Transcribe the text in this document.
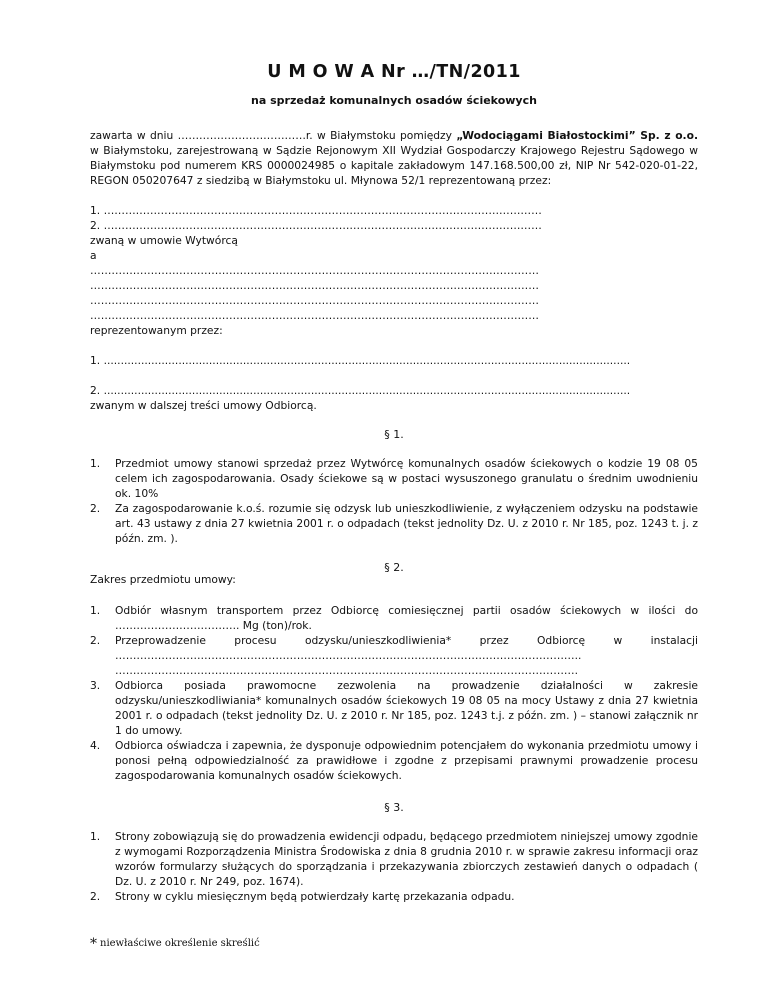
U M O W A Nr …/TN/2011

na sprzedaż komunalnych osadów ściekowych

zawarta w dniu ………………………………r. w Białymstoku pomiędzy „Wodociągami Białostockimi” Sp. z o.o. w Białymstoku, zarejestrowaną w Sądzie Rejonowym XII Wydział Gospodarczy Krajowego Rejestru Sądowego w Białymstoku pod numerem KRS 0000024985 o kapitale zakładowym 147.168.500,00 zł, NIP Nr 542-020-01-22, REGON 050207647 z siedzibą w Białymstoku ul. Młynowa 52/1 reprezentowaną przez:

1. ……………………………………………………………………………………………………………

2. ……………………………………………………………………………………………………………

zwaną w umowie Wytwórcą

a

………………………………………………………………………………………………………………

………………………………………………………………………………………………………………

………………………………………………………………………………………………………………

………………………………………………………………………………………………………………

reprezentowanym przez:

1. ...........................................................................................................................................................

2. ...........................................................................................................................................................

zwanym w dalszej treści umowy Odbiorcą.

§ 1.

1.	Przedmiot umowy stanowi sprzedaż przez Wytwórcę komunalnych osadów ściekowych o kodzie 19 08 05 celem ich zagospodarowania. Osady ściekowe są w postaci wysuszonego granulatu o średnim uwodnieniu ok. 10%
2.	Za zagospodarowanie k.o.ś. rozumie się odzysk lub unieszkodliwienie, z wyłączeniem odzysku na podstawie art. 43 ustawy z dnia 27 kwietnia 2001 r. o odpadach (tekst jednolity Dz. U. z 2010 r. Nr 185, poz. 1243 t. j. z późn. zm. ).

§ 2.

Zakres przedmiotu umowy:

1.	Odbiór własnym transportem przez Odbiorcę comiesięcznej partii osadów ściekowych w ilości do …………………………….. Mg (ton)/rok.
2.	Przeprowadzenie procesu odzysku/unieszkodliwienia* przez Odbiorcę w instalacji ………………………………………………………………………………………………………………….. ………………………………………………………………………………………………………………….
3.	Odbiorca posiada prawomocne zezwolenia na prowadzenie działalności w zakresie odzysku/unieszkodliwiania* komunalnych osadów ściekowych 19 08 05 na mocy Ustawy z dnia 27 kwietnia 2001 r. o odpadach (tekst jednolity Dz. U. z 2010 r. Nr 185, poz. 1243 t.j. z późn. zm. ) – stanowi załącznik nr 1 do umowy.
4.	Odbiorca oświadcza i zapewnia, że dysponuje odpowiednim potencjałem do wykonania przedmiotu umowy i ponosi pełną odpowiedzialność za prawidłowe i zgodne z przepisami prawnymi prowadzenie procesu zagospodarowania komunalnych osadów ściekowych.

§ 3.

1.	Strony zobowiązują się do prowadzenia ewidencji odpadu, będącego przedmiotem niniejszej umowy zgodnie z wymogami Rozporządzenia Ministra Środowiska z dnia 8 grudnia 2010 r. w sprawie zakresu informacji oraz wzorów formularzy służących do sporządzania i przekazywania zbiorczych zestawień danych o odpadach ( Dz. U. z 2010 r. Nr 249, poz. 1674).
2.	Strony w cyklu miesięcznym będą potwierdzały kartę przekazania odpadu.
* niewłaściwe określenie skreślić
